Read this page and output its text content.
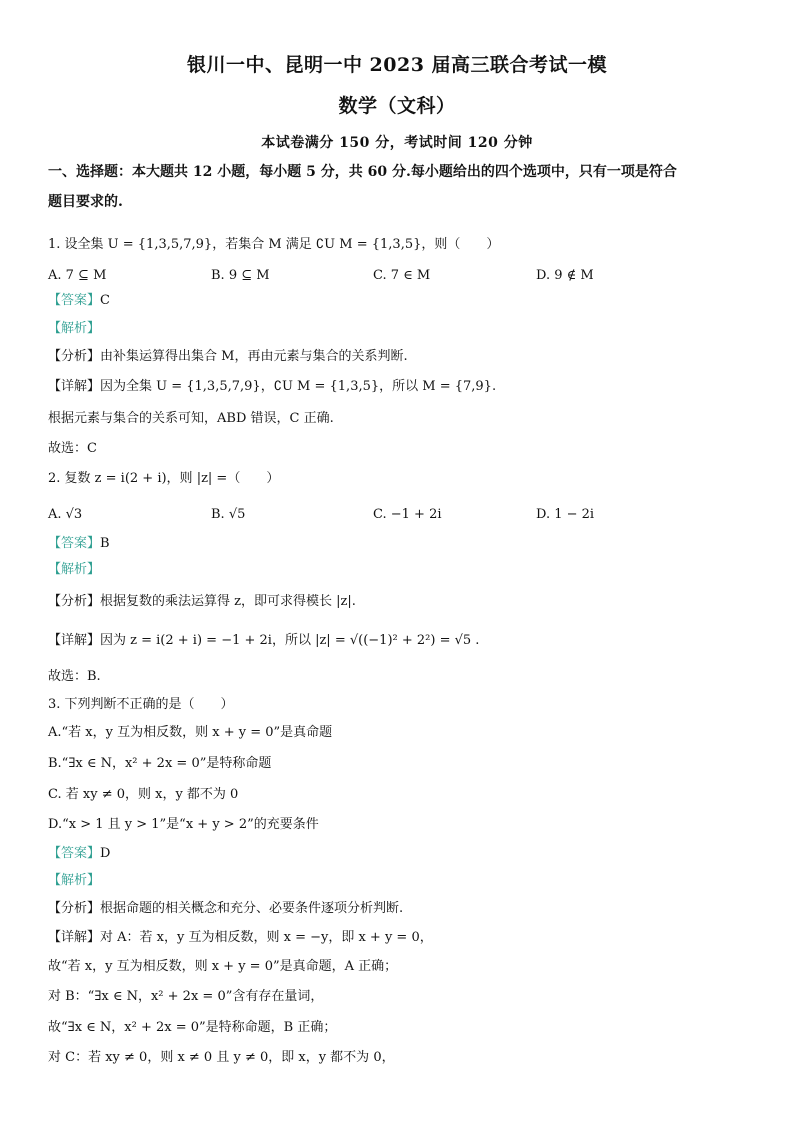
银川一中、昆明一中 2023 届高三联合考试一模
数学（文科）
本试卷满分 150 分，考试时间 120 分钟
一、选择题：本大题共 12 小题，每小题 5 分，共 60 分.每小题给出的四个选项中，只有一项是符合
题目要求的.
1. 设全集 U = {1,3,5,7,9}，若集合 M 满足 ∁U M = {1,3,5}，则（　　）
A. 7 ⊆ M	B. 9 ⊆ M	C. 7 ∈ M	D. 9 ∉ M
【答案】C
【解析】
【分析】由补集运算得出集合 M，再由元素与集合的关系判断.
【详解】因为全集 U = {1,3,5,7,9}，∁U M = {1,3,5}，所以 M = {7,9}.
根据元素与集合的关系可知，ABD 错误，C 正确.
故选：C
2. 复数 z = i(2 + i)，则 |z| =（　　）
A. √3	B. √5	C. −1 + 2i	D. 1 − 2i
【答案】B
【解析】
【分析】根据复数的乘法运算得 z，即可求得模长 |z|.
【详解】因为 z = i(2 + i) = −1 + 2i，所以 |z| = √((−1)² + 2²) = √5 .
故选：B.
3. 下列判断不正确的是（　　）
A.“若 x，y 互为相反数，则 x + y = 0”是真命题
B.“∃x ∈ N，x² + 2x = 0”是特称命题
C. 若 xy ≠ 0，则 x，y 都不为 0
D.“x > 1 且 y > 1”是“x + y > 2”的充要条件
【答案】D
【解析】
【分析】根据命题的相关概念和充分、必要条件逐项分析判断.
【详解】对 A：若 x，y 互为相反数，则 x = −y，即 x + y = 0，
故“若 x，y 互为相反数，则 x + y = 0”是真命题，A 正确；
对 B：“∃x ∈ N，x² + 2x = 0”含有存在量词，
故“∃x ∈ N，x² + 2x = 0”是特称命题，B 正确；
对 C：若 xy ≠ 0，则 x ≠ 0 且 y ≠ 0，即 x，y 都不为 0，
